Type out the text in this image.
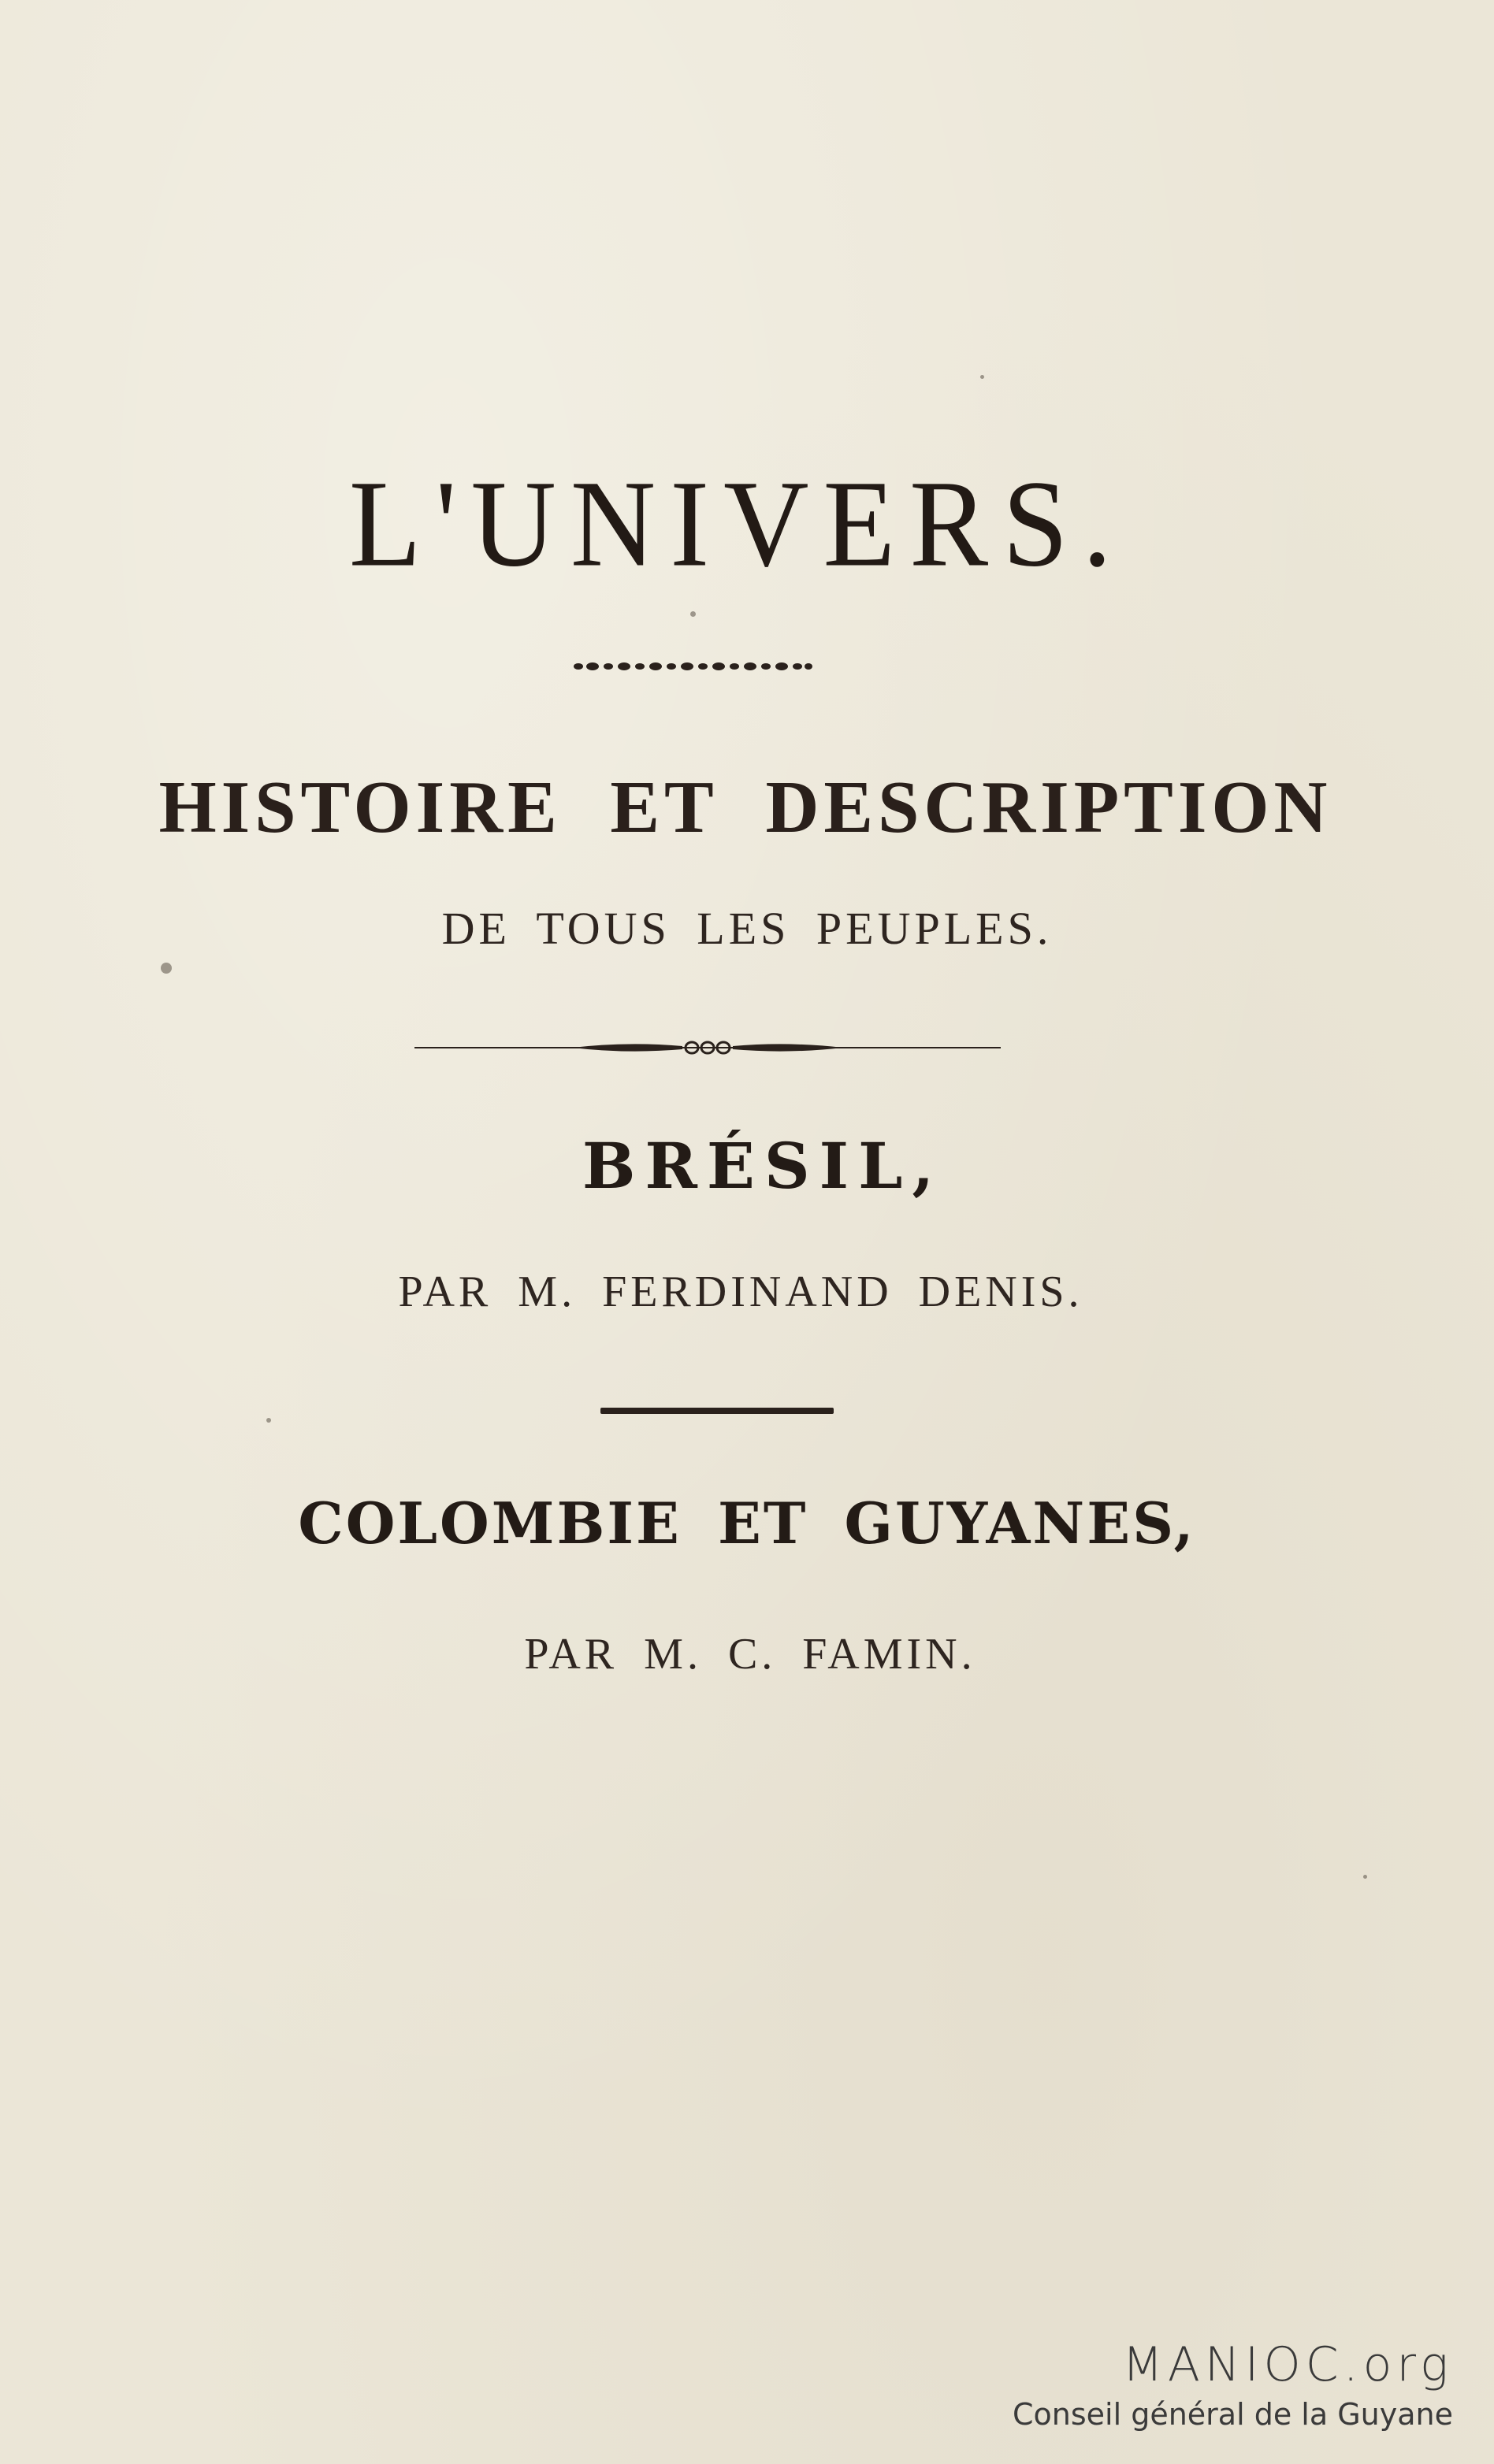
L'UNIVERS.
HISTOIRE ET DESCRIPTION

DE TOUS LES PEUPLES.

BRÉSIL,

PAR M. FERDINAND DENIS.

COLOMBIE ET GUYANES,

PAR M. C. FAMIN.

MANIOC.org
Conseil général de la Guyane
